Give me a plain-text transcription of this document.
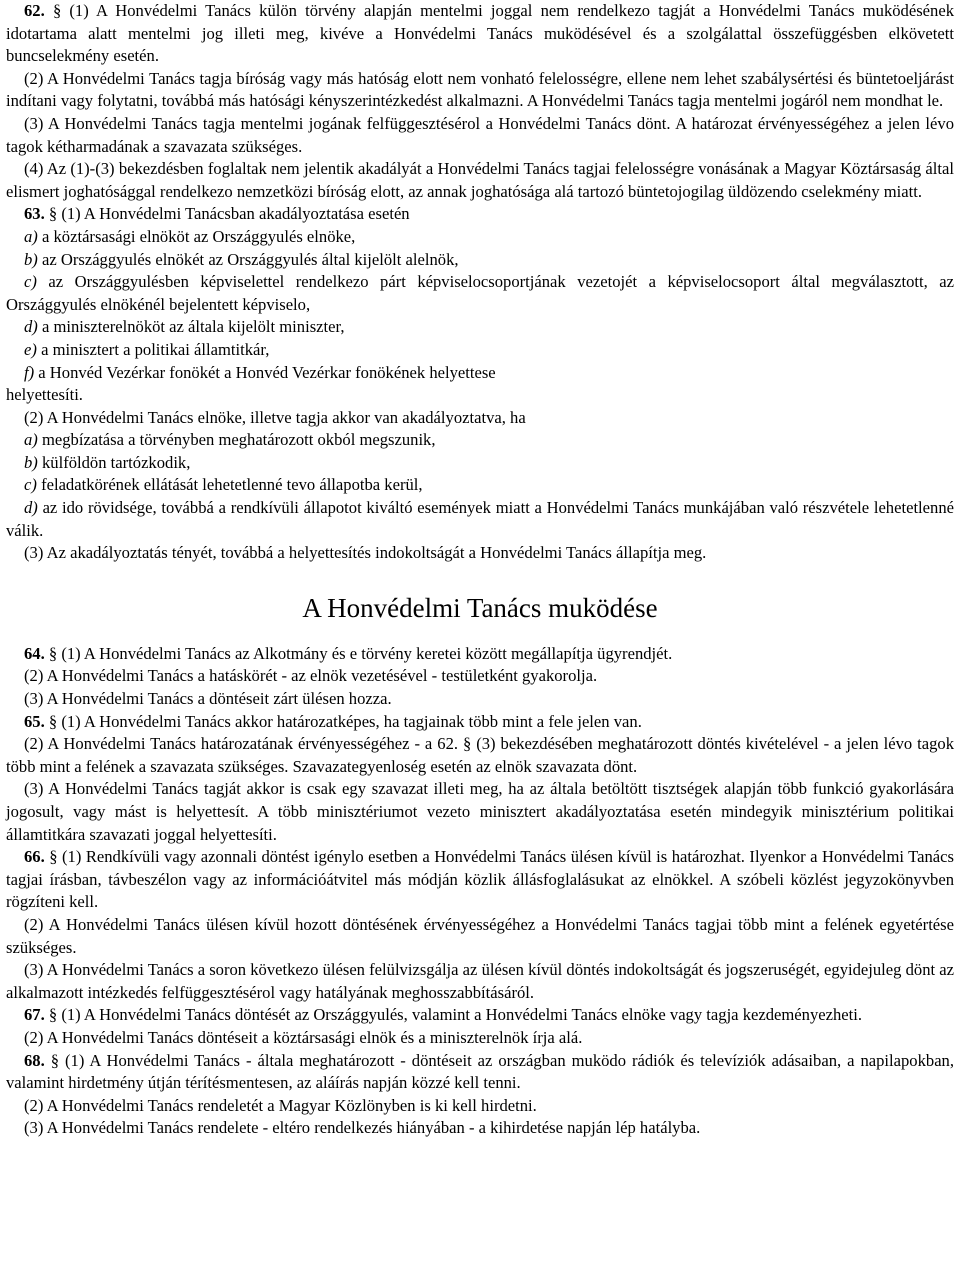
62. § (1) A Honvédelmi Tanács külön törvény alapján mentelmi joggal nem rendelkezo tagját a Honvédelmi Tanács muködésének idotartama alatt mentelmi jog illeti meg, kivéve a Honvédelmi Tanács muködésével és a szolgálattal összefüggésben elkövetett buncselekmény esetén.

(2) A Honvédelmi Tanács tagja bíróság vagy más hatóság elott nem vonható felelosségre, ellene nem lehet szabálysértési és büntetoeljárást indítani vagy folytatni, továbbá más hatósági kényszerintézkedést alkalmazni. A Honvédelmi Tanács tagja mentelmi jogáról nem mondhat le.

(3) A Honvédelmi Tanács tagja mentelmi jogának felfüggesztésérol a Honvédelmi Tanács dönt. A határozat érvényességéhez a jelen lévo tagok kétharmadának a szavazata szükséges.

(4) Az (1)-(3) bekezdésben foglaltak nem jelentik akadályát a Honvédelmi Tanács tagjai felelosségre vonásának a Magyar Köztársaság által elismert joghatósággal rendelkezo nemzetközi bíróság elott, az annak joghatósága alá tartozó büntetojogilag üldözendo cselekmény miatt.

63. § (1) A Honvédelmi Tanácsban akadályoztatása esetén

a) a köztársasági elnököt az Országgyulés elnöke,

b) az Országgyulés elnökét az Országgyulés által kijelölt alelnök,

c) az Országgyulésben képviselettel rendelkezo párt képviselocsoportjának vezetojét a képviselocsoport által megválasztott, az Országgyulés elnökénél bejelentett képviselo,

d) a miniszterelnököt az általa kijelölt miniszter,

e) a minisztert a politikai államtitkár,

f) a Honvéd Vezérkar fonökét a Honvéd Vezérkar fonökének helyettese

helyettesíti.

(2) A Honvédelmi Tanács elnöke, illetve tagja akkor van akadályoztatva, ha

a) megbízatása a törvényben meghatározott okból megszunik,

b) külföldön tartózkodik,

c) feladatkörének ellátását lehetetlenné tevo állapotba kerül,

d) az ido rövidsége, továbbá a rendkívüli állapotot kiváltó események miatt a Honvédelmi Tanács munkájában való részvétele lehetetlenné válik.

(3) Az akadályoztatás tényét, továbbá a helyettesítés indokoltságát a Honvédelmi Tanács állapítja meg.

A Honvédelmi Tanács muködése

64. § (1) A Honvédelmi Tanács az Alkotmány és e törvény keretei között megállapítja ügyrendjét.

(2) A Honvédelmi Tanács a hatáskörét - az elnök vezetésével - testületként gyakorolja.

(3) A Honvédelmi Tanács a döntéseit zárt ülésen hozza.

65. § (1) A Honvédelmi Tanács akkor határozatképes, ha tagjainak több mint a fele jelen van.

(2) A Honvédelmi Tanács határozatának érvényességéhez - a 62. § (3) bekezdésében meghatározott döntés kivételével - a jelen lévo tagok több mint a felének a szavazata szükséges. Szavazategyenloség esetén az elnök szavazata dönt.

(3) A Honvédelmi Tanács tagját akkor is csak egy szavazat illeti meg, ha az általa betöltött tisztségek alapján több funkció gyakorlására jogosult, vagy mást is helyettesít. A több minisztériumot vezeto minisztert akadályoztatása esetén mindegyik minisztérium politikai államtitkára szavazati joggal helyettesíti.

66. § (1) Rendkívüli vagy azonnali döntést igénylo esetben a Honvédelmi Tanács ülésen kívül is határozhat. Ilyenkor a Honvédelmi Tanács tagjai írásban, távbeszélon vagy az információátvitel más módján közlik állásfoglalásukat az elnökkel. A szóbeli közlést jegyzokönyvben rögzíteni kell.

(2) A Honvédelmi Tanács ülésen kívül hozott döntésének érvényességéhez a Honvédelmi Tanács tagjai több mint a felének egyetértése szükséges.

(3) A Honvédelmi Tanács a soron következo ülésen felülvizsgálja az ülésen kívül döntés indokoltságát és jogszeruségét, egyidejuleg dönt az alkalmazott intézkedés felfüggesztésérol vagy hatályának meghosszabbításáról.

67. § (1) A Honvédelmi Tanács döntését az Országgyulés, valamint a Honvédelmi Tanács elnöke vagy tagja kezdeményezheti.

(2) A Honvédelmi Tanács döntéseit a köztársasági elnök és a miniszterelnök írja alá.

68. § (1) A Honvédelmi Tanács - általa meghatározott - döntéseit az országban muködo rádiók és televíziók adásaiban, a napilapokban, valamint hirdetmény útján térítésmentesen, az aláírás napján közzé kell tenni.

(2) A Honvédelmi Tanács rendeletét a Magyar Közlönyben is ki kell hirdetni.

(3) A Honvédelmi Tanács rendelete - eltéro rendelkezés hiányában - a kihirdetése napján lép hatályba.
